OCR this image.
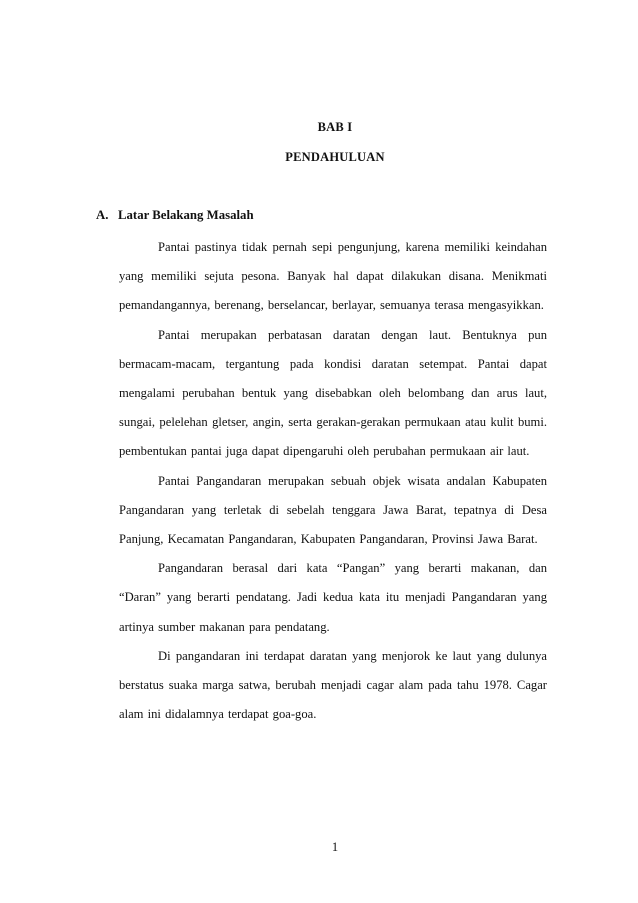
BAB I
PENDAHULUAN
A. Latar Belakang Masalah

Pantai pastinya tidak pernah sepi pengunjung, karena memiliki keindahan yang memiliki sejuta pesona. Banyak hal dapat dilakukan disana. Menikmati pemandangannya, berenang, berselancar, berlayar, semuanya terasa mengasyikkan.

Pantai merupakan perbatasan daratan dengan laut. Bentuknya pun bermacam-macam, tergantung pada kondisi daratan setempat. Pantai dapat mengalami perubahan bentuk yang disebabkan oleh belombang dan arus laut, sungai, pelelehan gletser, angin, serta gerakan-gerakan permukaan atau kulit bumi. pembentukan pantai juga dapat dipengaruhi oleh perubahan permukaan air laut.

Pantai Pangandaran merupakan sebuah objek wisata andalan Kabupaten Pangandaran yang terletak di sebelah tenggara Jawa Barat, tepatnya di Desa Panjung, Kecamatan Pangandaran, Kabupaten Pangandaran, Provinsi Jawa Barat.

Pangandaran berasal dari kata “Pangan” yang berarti makanan, dan “Daran” yang berarti pendatang. Jadi kedua kata itu menjadi Pangandaran yang artinya sumber makanan para pendatang.

Di pangandaran ini terdapat daratan yang menjorok ke laut yang dulunya berstatus suaka marga satwa, berubah menjadi cagar alam pada tahu 1978. Cagar alam ini didalamnya terdapat goa-goa.

1
